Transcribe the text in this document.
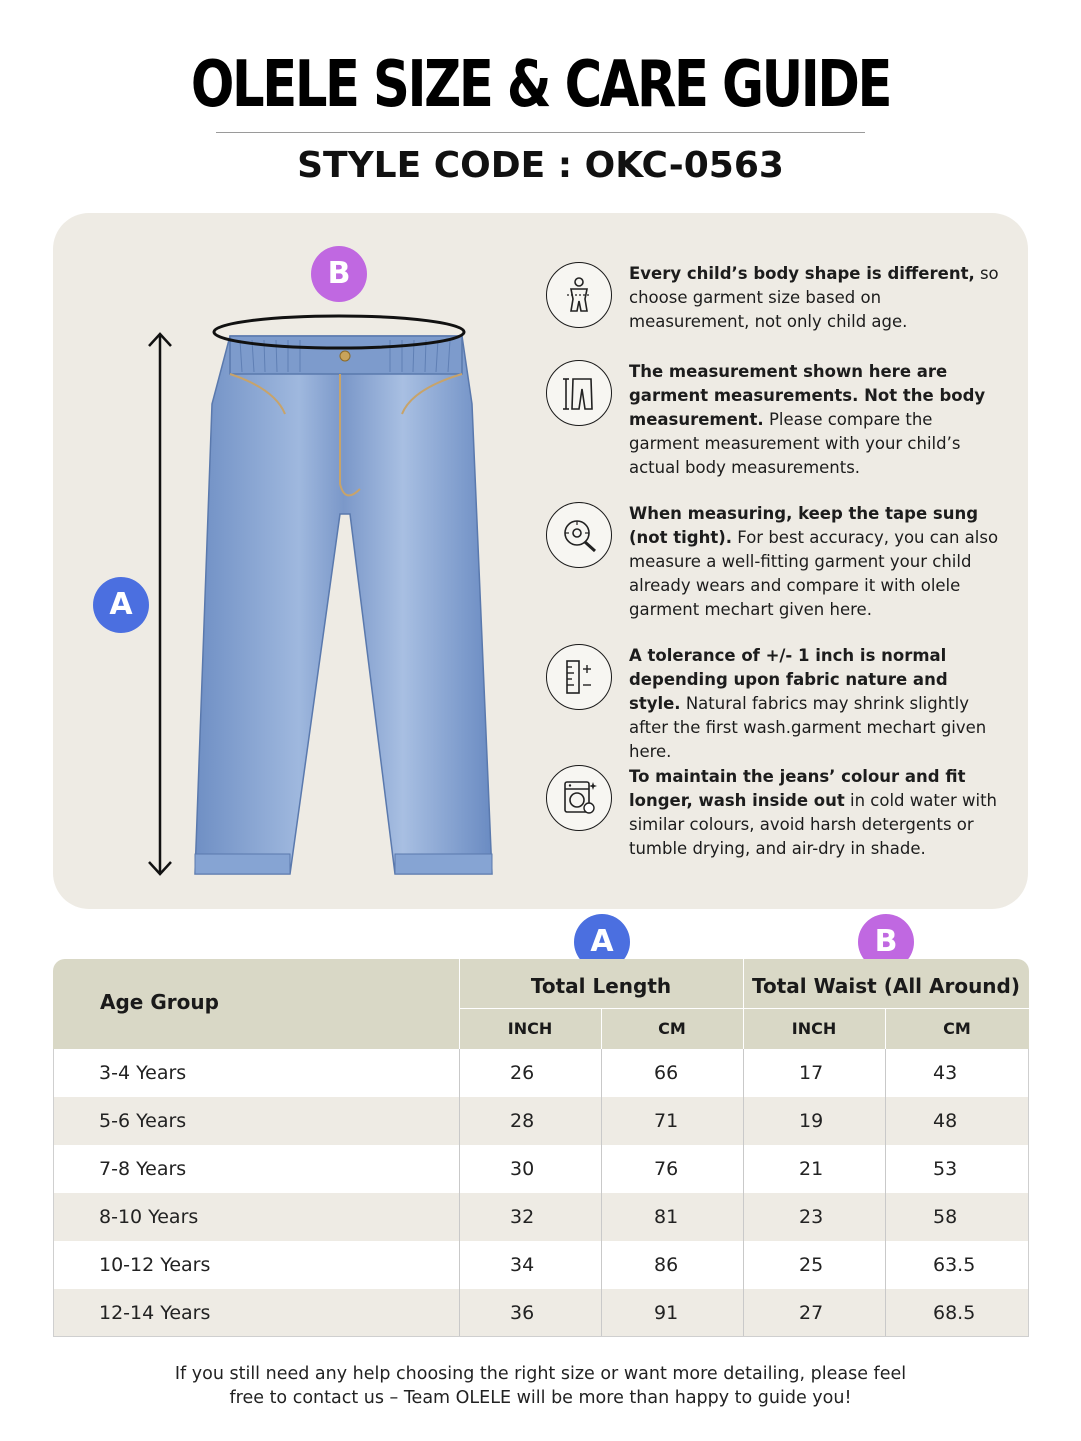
OLELE SIZE & CARE GUIDE
STYLE CODE : OKC-0563
B
A
Every child’s body shape is different, so choose garment size based on measurement, not only child age.
The measurement shown here are garment measurements. Not the body measurement. Please compare the garment measurement with your child’s actual body measurements.
When measuring, keep the tape sung (not tight). For best accuracy, you can also measure a well-fitting garment your child already wears and compare it with olele garment mechart given here.
A tolerance of +/- 1 inch is normal depending upon fabric nature and style. Natural fabrics may shrink slightly after the first wash.garment mechart given here.
To maintain the jeans’ colour and fit longer, wash inside out in cold water with similar colours, avoid harsh detergents or tumble drying, and air-dry in shade.
A	B
Age Group
Total Length	Total Waist (All Around)
INCH	CM	INCH	CM
3-4 Years	26	66	17	43
5-6 Years	28	71	19	48
7-8 Years	30	76	21	53
8-10 Years	32	81	23	58
10-12 Years	34	86	25	63.5
12-14 Years	36	91	27	68.5
If you still need any help choosing the right size or want more detailing, please feel
free to contact us – Team OLELE will be more than happy to guide you!
